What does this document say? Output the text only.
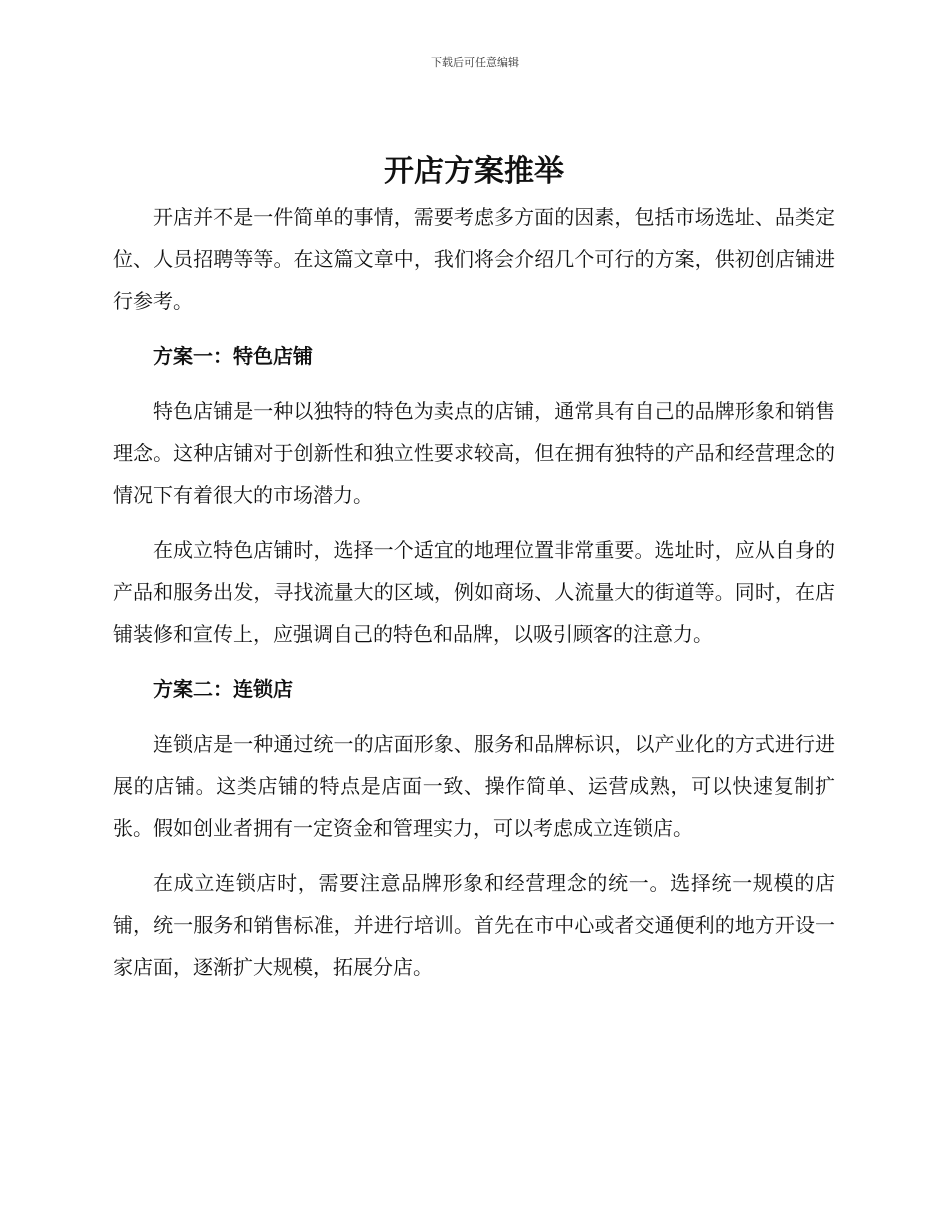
下载后可任意编辑
开店方案推举

开店并不是一件简单的事情，需要考虑多方面的因素，包括市场选址、品类定位、人员招聘等等。在这篇文章中，我们将会介绍几个可行的方案，供初创店铺进行参考。

方案一：特色店铺

特色店铺是一种以独特的特色为卖点的店铺，通常具有自己的品牌形象和销售理念。这种店铺对于创新性和独立性要求较高，但在拥有独特的产品和经营理念的情况下有着很大的市场潜力。

在成立特色店铺时，选择一个适宜的地理位置非常重要。选址时，应从自身的产品和服务出发，寻找流量大的区域，例如商场、人流量大的街道等。同时，在店铺装修和宣传上，应强调自己的特色和品牌，以吸引顾客的注意力。

方案二：连锁店

连锁店是一种通过统一的店面形象、服务和品牌标识，以产业化的方式进行进展的店铺。这类店铺的特点是店面一致、操作简单、运营成熟，可以快速复制扩张。假如创业者拥有一定资金和管理实力，可以考虑成立连锁店。

在成立连锁店时，需要注意品牌形象和经营理念的统一。选择统一规模的店铺，统一服务和销售标准，并进行培训。首先在市中心或者交通便利的地方开设一家店面，逐渐扩大规模，拓展分店。
